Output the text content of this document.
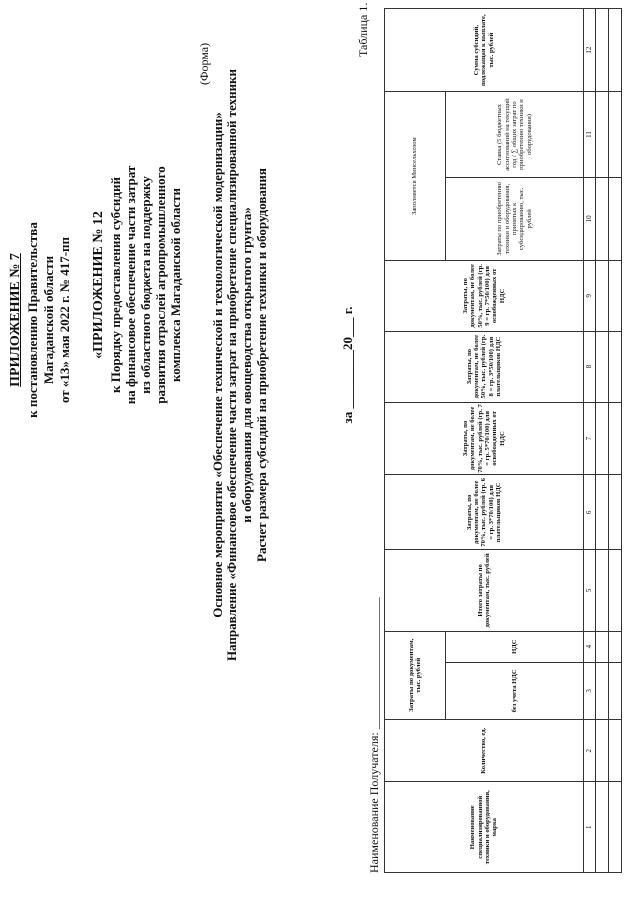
ПРИЛОЖЕНИЕ № 7 к постановлению Правительства Магаданской области от «13» мая 2022 г. № 417-пп «ПРИЛОЖЕНИЕ № 12 к Порядку предоставления субсидий на финансовое обеспечение части затрат из областного бюджета на поддержку развития отраслей агропромышленного комплекса Магаданской области
(Форма)
Основное мероприятие «Обеспечение технической и технологической модернизации» Направление «Финансовое обеспечение части затрат на приобретение специализированной техники и оборудования для овощеводства открытого грунта» Расчет размера субсидий на приобретение техники и оборудования	за _________20___ г.
Таблица 1.
Наименование Получателя: ______________________	Наименование специализированной техники и оборудования, марка	Количество, ед.	Затраты по документам, тыс. рублей		Итого затраты по документам, тыс. рублей	Затраты, по документам, не более 70%, тыс. рублей (гр. 6 = гр. 3*70/100) для плательщиков НДС	Затраты, по документам, не более 70%, тыс. рублей (гр. 7 = гр. 5*70/100) для освобожденных от НДС	Затраты, по документам, не более 50%, тыс. рублей (гр. 8 = гр. 3*50/100) для плательщиков НДС	Затраты, по документам, не более 50%, тыс. рублей (гр. 9 = гр. 7*50/100) для освобожденных от НДС	Заполняется Минсельхозом		Сумма субсидий, подлежащая к выплате, тыс. рублей
		без учета НДС	НДС						Затраты по приобретению техники и оборудования, принятых к субсидированию, тыс. рублей	Ставка (5 бюджетных ассигнований на текущий год / ∑ общих затрат по приобретению техники и оборудования)	
1	2	3	4	5	6	7	8	9	10	11	12
